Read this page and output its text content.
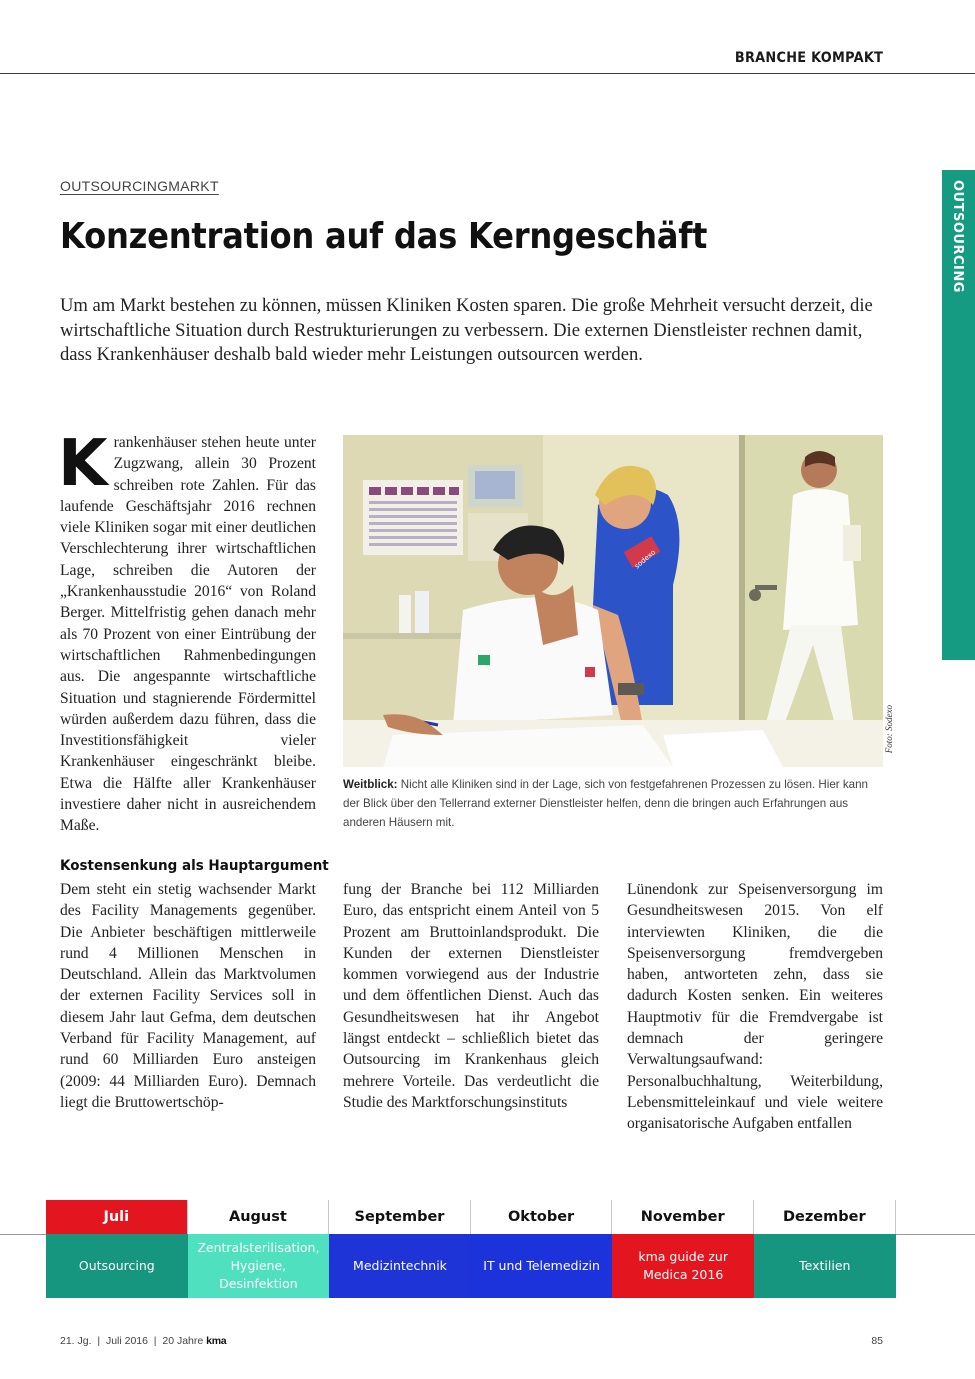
BRANCHE KOMPAKT
OUTSOURCING
OUTSOURCINGMARKT
Konzentration auf das Kerngeschäft

Um am Markt bestehen zu können, müssen Kliniken Kosten sparen. Die große Mehrheit versucht derzeit, die wirtschaftliche Situation durch Restrukturierungen zu verbessern. Die externen Dienstleister rechnen damit, dass Krankenhäuser deshalb bald wieder mehr Leistungen outsourcen werden.

Krankenhäuser stehen heute unter Zugzwang, allein 30 Prozent schreiben rote Zahlen. Für das laufende Geschäftsjahr 2016 rechnen viele Kliniken sogar mit einer deutlichen Verschlechterung ihrer wirtschaftlichen Lage, schreiben die Autoren der „Krankenhausstudie 2016“ von Roland Berger. Mittelfristig gehen danach mehr als 70 Prozent von einer Eintrübung der wirtschaftlichen Rahmenbedingungen aus. Die angespannte wirtschaftliche Situation und stagnierende Fördermittel würden außerdem dazu führen, dass die Investitionsfähigkeit vieler Krankenhäuser eingeschränkt bleibe. Etwa die Hälfte aller Krankenhäuser investiere daher nicht in ausreichendem Maße.
sodexo
Foto: Sodexo

Weitblick: Nicht alle Kliniken sind in der Lage, sich von festgefahrenen Prozessen zu lösen. Hier kann der Blick über den Tellerrand externer Dienstleister helfen, denn die bringen auch Erfahrungen aus anderen Häusern mit.

Kostensenkung als Hauptargument

Dem steht ein stetig wachsender Markt des Facility Managements gegenüber. Die Anbieter beschäftigen mittlerweile rund 4 Millionen Menschen in Deutschland. Allein das Marktvolumen der externen Facility Services soll in diesem Jahr laut Gefma, dem deutschen Verband für Facility Management, auf rund 60 Milliarden Euro ansteigen (2009: 44 Milliarden Euro). Demnach liegt die Bruttowertschöp-

fung der Branche bei 112 Milliarden Euro, das entspricht einem Anteil von 5 Prozent am Bruttoinlandsprodukt. Die Kunden der externen Dienstleister kommen vorwiegend aus der Industrie und dem öffentlichen Dienst. Auch das Gesundheitswesen hat ihr Angebot längst entdeckt – schließlich bietet das Outsourcing im Krankenhaus gleich mehrere Vorteile. Das verdeutlicht die Studie des Marktforschungsinstituts

Lünendonk zur Speisenversorgung im Gesundheitswesen 2015. Von elf interviewten Kliniken, die die Speisenversorgung fremdvergeben haben, antworteten zehn, dass sie dadurch Kosten senken. Ein weiteres Hauptmotiv für die Fremdvergabe ist demnach der geringere Verwaltungsaufwand: Personalbuchhaltung, Weiterbildung, Lebensmitteleinkauf und viele weitere organisatorische Aufgaben entfallen

Juli
Outsourcing
August
Zentralsterilisation, Hygiene, Desinfektion
September
Medizintechnik
Oktober
IT und Telemedizin
November
kma guide zur Medica 2016
Dezember
Textilien
21. Jg.  |  Juli 2016  |  20 Jahre kma	85
